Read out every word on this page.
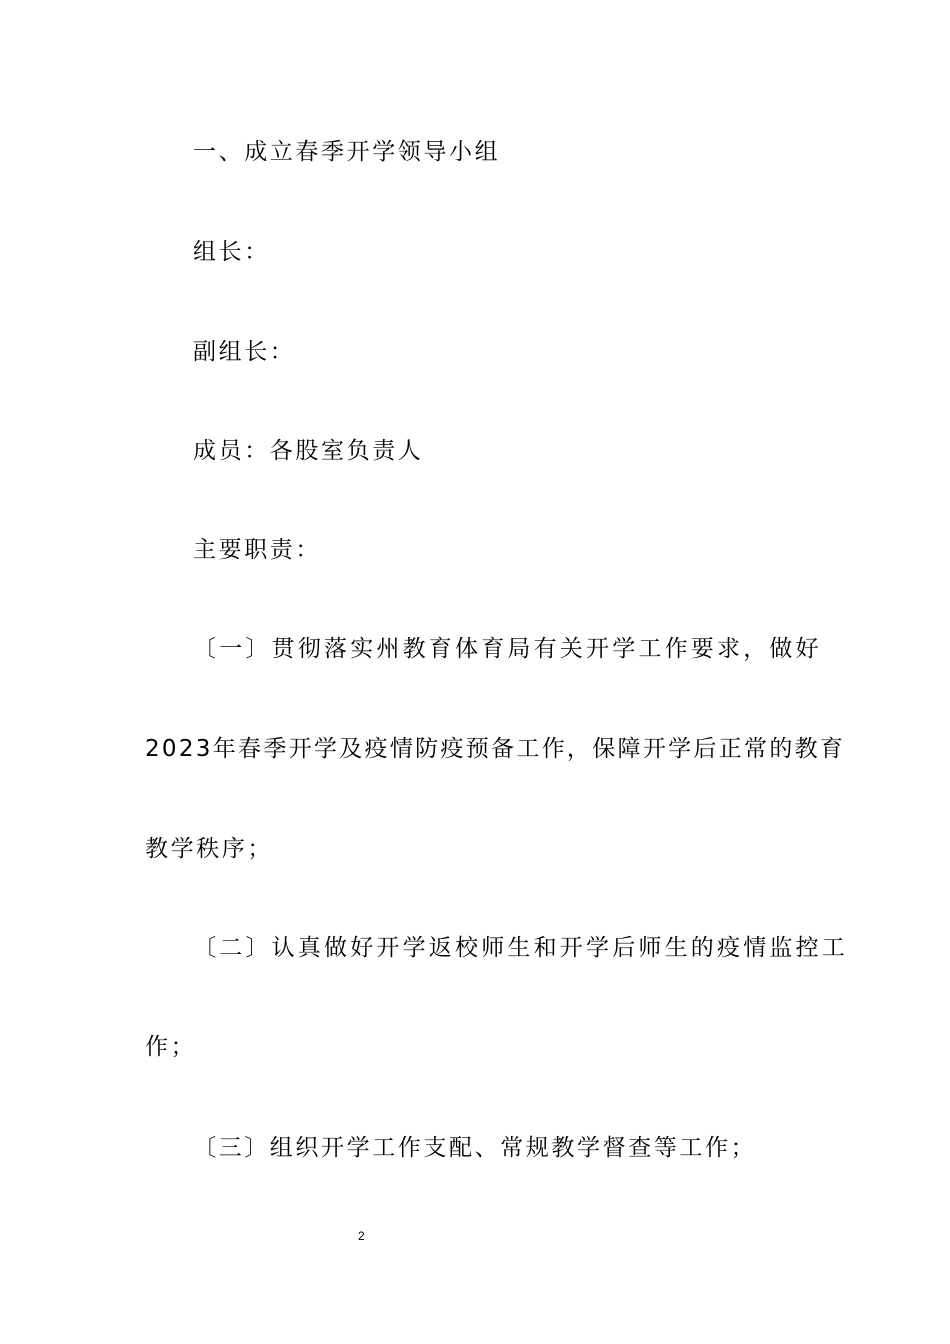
一、成立春季开学领导小组
组长：
副组长：
成员：各股室负责人
主要职责：
〔一〕贯彻落实州教育体育局有关开学工作要求，做好
2023年春季开学及疫情防疫预备工作，保障开学后正常的教育
教学秩序；
〔二〕认真做好开学返校师生和开学后师生的疫情监控工
作；
〔三〕组织开学工作支配、常规教学督查等工作；
2
